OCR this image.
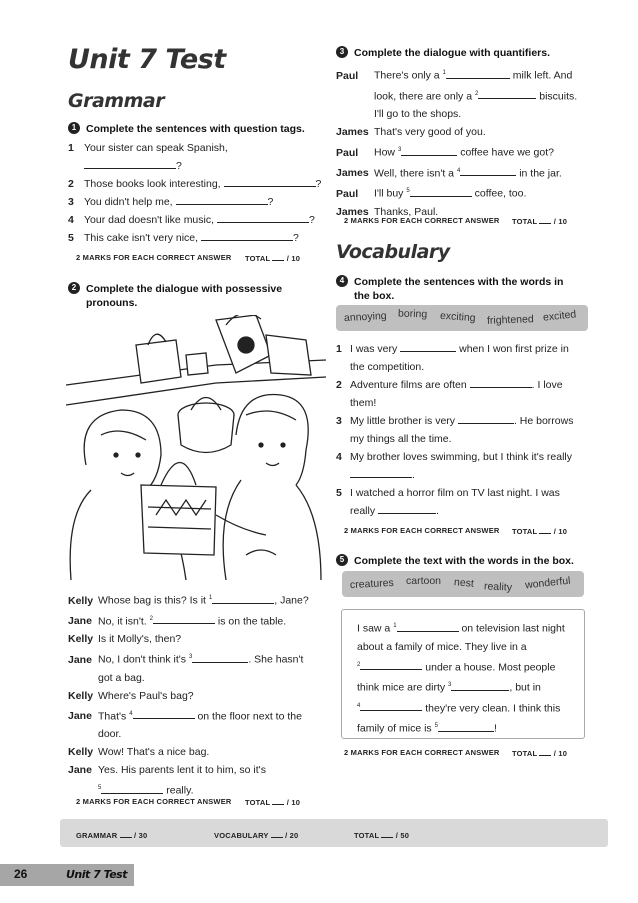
Unit 7 Test
Grammar
1 Complete the sentences with question tags.
1 Your sister can speak Spanish,
?
2 Those books look interesting,	?
3 You didn't help me,	?
4 Your dad doesn't like music,	?
5 This cake isn't very nice,	?
2 MARKS FOR EACH CORRECT ANSWER TOTAL / 10
2 Complete the dialogue with possessive
pronouns.
Kelly Whose bag is this? Is it $^1$	, Jane?
Jane No, it isn't. $^2$	is on the table.
Kelly Is it Molly's, then?
Jane No, I don't think it's $^3$	. She hasn't
got a bag.
Kelly Where's Paul's bag?
Jane That's $^4$	on the floor next to the
door.
Kelly Wow! That's a nice bag.
Jane Yes. His parents lent it to him, so it's
$^5$	really.
2 MARKS FOR EACH CORRECT ANSWER TOTAL / 10
3 Complete the dialogue with quantifiers.
Paul There's only a $^1$	milk left. And
look, there are only a $^2$	biscuits.
I'll go to the shops.
James That's very good of you.
Paul How $^3$	coffee have we got?
James Well, there isn't a $^4$	in the jar.
Paul I'll buy $^5$	coffee, too.
James Thanks, Paul.
2 MARKS FOR EACH CORRECT ANSWER TOTAL / 10
Vocabulary
4 Complete the sentences with the words in
the box.
annoying boring exciting frightened excited
1 I was very	when I won first prize in
the competition.
2 Adventure films are often	. I love
them!
3 My little brother is very	. He borrows
my things all the time.
4 My brother loves swimming, but I think it's really
.
5 I watched a horror film on TV last night. I was
really	.
2 MARKS FOR EACH CORRECT ANSWER TOTAL / 10
5 Complete the text with the words in the box.
creatures cartoon nest reality wonderful
I saw a $^1$	on television last night
about a family of mice. They live in a
$^2$	under a house. Most people
think mice are dirty $^3$	, but in
$^4$	they're very clean. I think this
family of mice is $^5$	!
2 MARKS FOR EACH CORRECT ANSWER TOTAL / 10
GRAMMAR / 30	VOCABULARY / 20	TOTAL / 50
26	Unit 7 Test
